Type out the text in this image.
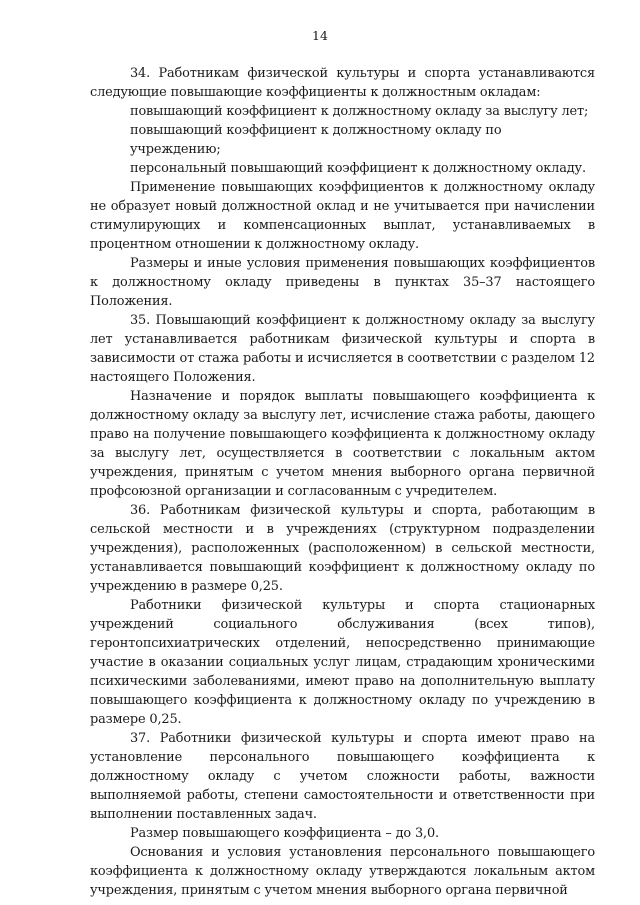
14

34. Работникам физической культуры и спорта устанавливаются следующие повышающие коэффициенты к должностным окладам:

повышающий коэффициент к должностному окладу за выслугу лет;

повышающий коэффициент к должностному окладу по учреждению;

персональный повышающий коэффициент к должностному окладу.

Применение повышающих коэффициентов к должностному окладу не образует новый должностной оклад и не учитывается при начислении стимулирующих и компенсационных выплат, устанавливаемых в процентном отношении к должностному окладу.

Размеры и иные условия применения повышающих коэффициентов к должностному окладу приведены в пунктах 35–37 настоящего Положения.

35. Повышающий коэффициент к должностному окладу за выслугу лет устанавливается работникам физической культуры и спорта в зависимости от стажа работы и исчисляется в соответствии с разделом 12 настоящего Положения.

Назначение и порядок выплаты повышающего коэффициента к должностному окладу за выслугу лет, исчисление стажа работы, дающего право на получение повышающего коэффициента к должностному окладу за выслугу лет, осуществляется в соответствии с локальным актом учреждения, принятым с учетом мнения выборного органа первичной профсоюзной организации и согласованным с учредителем.

36. Работникам физической культуры и спорта, работающим в сельской местности и в учреждениях (структурном подразделении учреждения), расположенных (расположенном) в сельской местности, устанавливается повышающий коэффициент к должностному окладу по учреждению в размере 0,25.

Работники физической культуры и спорта стационарных учреждений социального обслуживания (всех типов), геронтопсихиатрических отделений, непосредственно принимающие участие в оказании социальных услуг лицам, страдающим хроническими психическими заболеваниями, имеют право на дополнительную выплату повышающего коэффициента к должностному окладу по учреждению в размере 0,25.

37. Работники физической культуры и спорта имеют право на установление персонального повышающего коэффициента к должностному окладу с учетом сложности работы, важности выполняемой работы, степени самостоятельности и ответственности при выполнении поставленных задач.

Размер повышающего коэффициента – до 3,0.

Основания и условия установления персонального повышающего коэффициента к должностному окладу утверждаются локальным актом учреждения, принятым с учетом мнения выборного органа первичной
